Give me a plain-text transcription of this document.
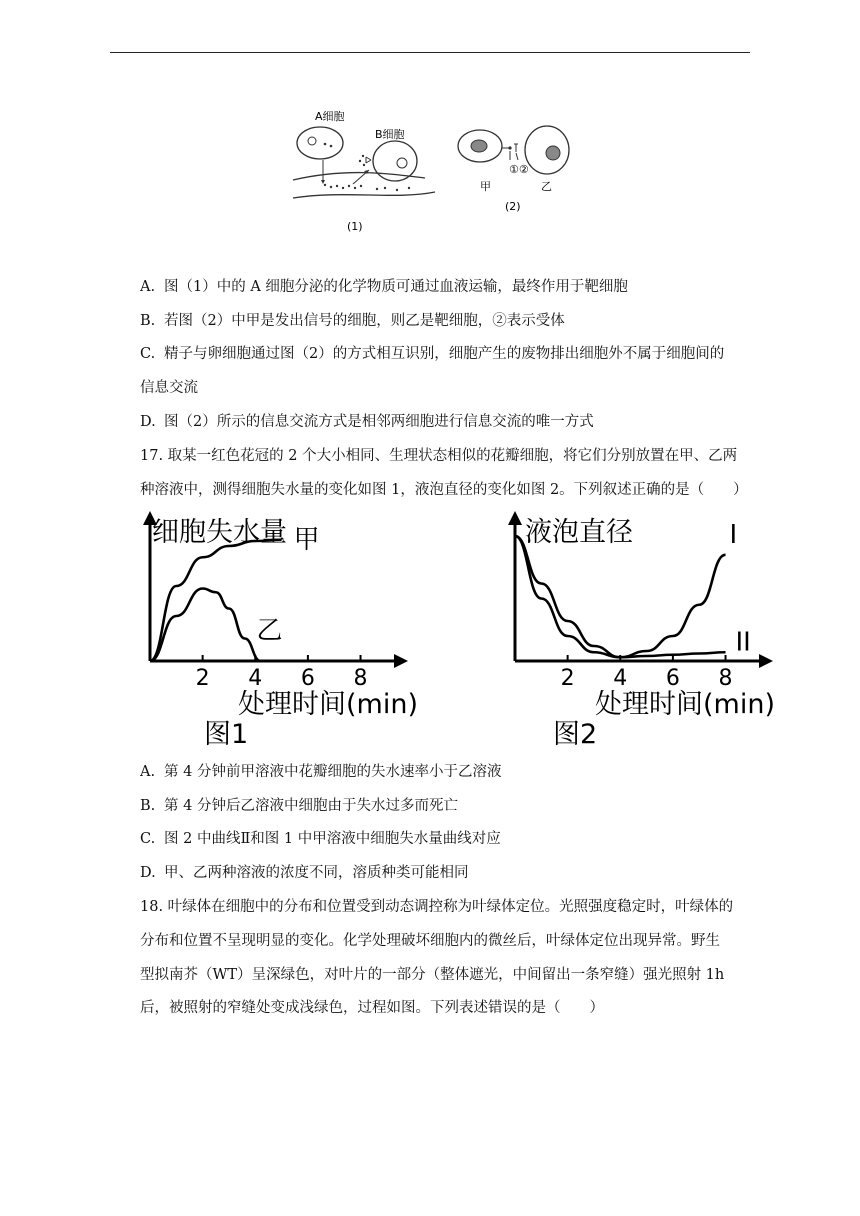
A细胞
B细胞
(1)
①②
甲	乙
(2)
A. 图（1）中的 A 细胞分泌的化学物质可通过血液运输，最终作用于靶细胞
B. 若图（2）中甲是发出信号的细胞，则乙是靶细胞，②表示受体
C. 精子与卵细胞通过图（2）的方式相互识别，细胞产生的废物排出细胞外不属于细胞间的
信息交流
D. 图（2）所示的信息交流方式是相邻两细胞进行信息交流的唯一方式
17. 取某一红色花冠的 2 个大小相同、生理状态相似的花瓣细胞，将它们分别放置在甲、乙两
种溶液中，测得细胞失水量的变化如图 1，液泡直径的变化如图 2。下列叙述正确的是（　　）
细胞失水量
2 4 6 8
甲
乙
处理时间(min)
图1
液泡直径
2 4 6 8
I
II
处理时间(min)
图2
A. 第 4 分钟前甲溶液中花瓣细胞的失水速率小于乙溶液
B. 第 4 分钟后乙溶液中细胞由于失水过多而死亡
C. 图 2 中曲线Ⅱ和图 1 中甲溶液中细胞失水量曲线对应
D. 甲、乙两种溶液的浓度不同，溶质种类可能相同
18. 叶绿体在细胞中的分布和位置受到动态调控称为叶绿体定位。光照强度稳定时，叶绿体的
分布和位置不呈现明显的变化。化学处理破坏细胞内的微丝后，叶绿体定位出现异常。野生
型拟南芥（WT）呈深绿色，对叶片的一部分（整体遮光，中间留出一条窄缝）强光照射 1h
后，被照射的窄缝处变成浅绿色，过程如图。下列表述错误的是（　　）
